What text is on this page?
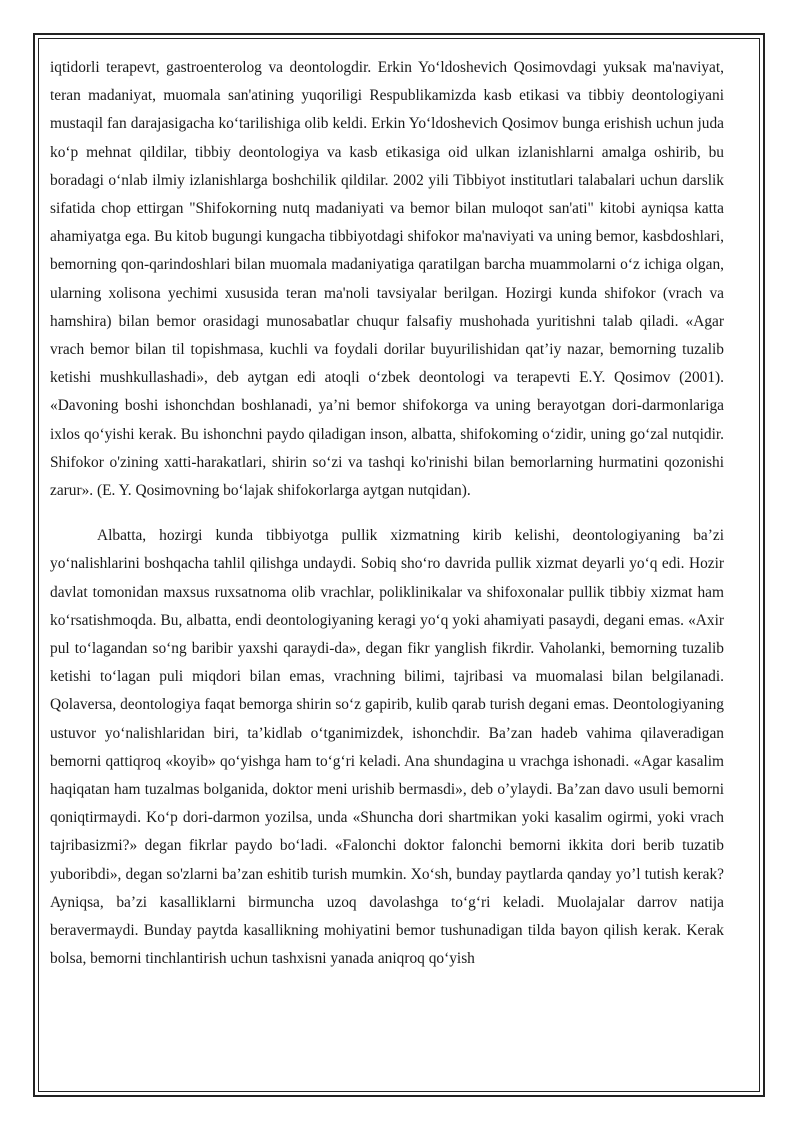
iqtidorli terapevt, gastroenterolog va deontologdir. Erkin Yo‘ldoshevich Qosimovdagi yuksak ma'naviyat, teran madaniyat, muomala san'atining yuqoriligi Respublikamizda kasb etikasi va tibbiy deontologiyani mustaqil fan darajasigacha ko‘tarilishiga olib keldi. Erkin Yo‘ldoshevich Qosimov bunga erishish uchun juda ko‘p mehnat qildilar, tibbiy deontologiya va kasb etikasiga oid ulkan izlanishlarni amalga oshirib, bu boradagi o‘nlab ilmiy izlanishlarga boshchilik qildilar. 2002 yili Tibbiyot institutlari talabalari uchun darslik sifatida chop ettirgan "Shifokorning nutq madaniyati va bemor bilan muloqot san'ati" kitobi ayniqsa katta ahamiyatga ega. Bu kitob bugungi kungacha tibbiyotdagi shifokor ma'naviyati va uning bemor, kasbdoshlari, bemorning qon-qarindoshlari bilan muomala madaniyatiga qaratilgan barcha muammolarni o‘z ichiga olgan, ularning xolisona yechimi xususida teran ma'noli tavsiyalar berilgan. Hozirgi kunda shifokor (vrach va hamshira) bilan bemor orasidagi munosabatlar chuqur falsafiy mushohada yuritishni talab qiladi. «Agar vrach bemor bilan til topishmasa, kuchli va foydali dorilar buyurilishidan qat’iy nazar, bemorning tuzalib ketishi mushkullashadi», deb aytgan edi atoqli o‘zbek deontologi va terapevti E.Y. Qosimov (2001). «Davoning boshi ishonchdan boshlanadi, ya’ni bemor shifokorga va uning berayotgan dori-darmonlariga ixlos qo‘yishi kerak. Bu ishonchni paydo qiladigan inson, albatta, shifokoming o‘zidir, uning go‘zal nutqidir. Shifokor o'zining xatti-harakatlari, shirin so‘zi va tashqi ko'rinishi bilan bemorlarning hurmatini qozonishi zarur». (E. Y. Qosimovning bo‘lajak shifokorlarga aytgan nutqidan).

Albatta, hozirgi kunda tibbiyotga pullik xizmatning kirib kelishi, deontologiyaning ba’zi yo‘nalishlarini boshqacha tahlil qilishga undaydi. Sobiq sho‘ro davrida pullik xizmat deyarli yo‘q edi. Hozir davlat tomonidan maxsus ruxsatnoma olib vrachlar, poliklinikalar va shifoxonalar pullik tibbiy xizmat ham ko‘rsatishmoqda. Bu, albatta, endi deontologiyaning keragi yo‘q yoki ahamiyati pasaydi, degani emas. «Axir pul to‘lagandan so‘ng baribir yaxshi qaraydi-da», degan fikr yanglish fikrdir. Vaholanki, bemorning tuzalib ketishi to‘lagan puli miqdori bilan emas, vrachning bilimi, tajribasi va muomalasi bilan belgilanadi. Qolaversa, deontologiya faqat bemorga shirin so‘z gapirib, kulib qarab turish degani emas. Deontologiyaning ustuvor yo‘nalishlaridan biri, ta’kidlab o‘tganimizdek, ishonchdir. Ba’zan hadeb vahima qilaveradigan bemorni qattiqroq «koyib» qo‘yishga ham to‘g‘ri keladi. Ana shundagina u vrachga ishonadi. «Agar kasalim haqiqatan ham tuzalmas bolganida, doktor meni urishib bermasdi», deb o’ylaydi. Ba’zan davo usuli bemorni qoniqtirmaydi. Ko‘p dori-darmon yozilsa, unda «Shuncha dori shartmikan yoki kasalim ogirmi, yoki vrach tajribasizmi?» degan fikrlar paydo bo‘ladi. «Falonchi doktor falonchi bemorni ikkita dori berib tuzatib yuboribdi», degan so'zlarni ba’zan eshitib turish mumkin. Xo‘sh, bunday paytlarda qanday yo’l tutish kerak? Ayniqsa, ba’zi kasalliklarni birmuncha uzoq davolashga to‘g‘ri keladi. Muolajalar darrov natija beravermaydi. Bunday paytda kasallikning mohiyatini bemor tushunadigan tilda bayon qilish kerak. Kerak bolsa, bemorni tinchlantirish uchun tashxisni yanada aniqroq qo‘yish
